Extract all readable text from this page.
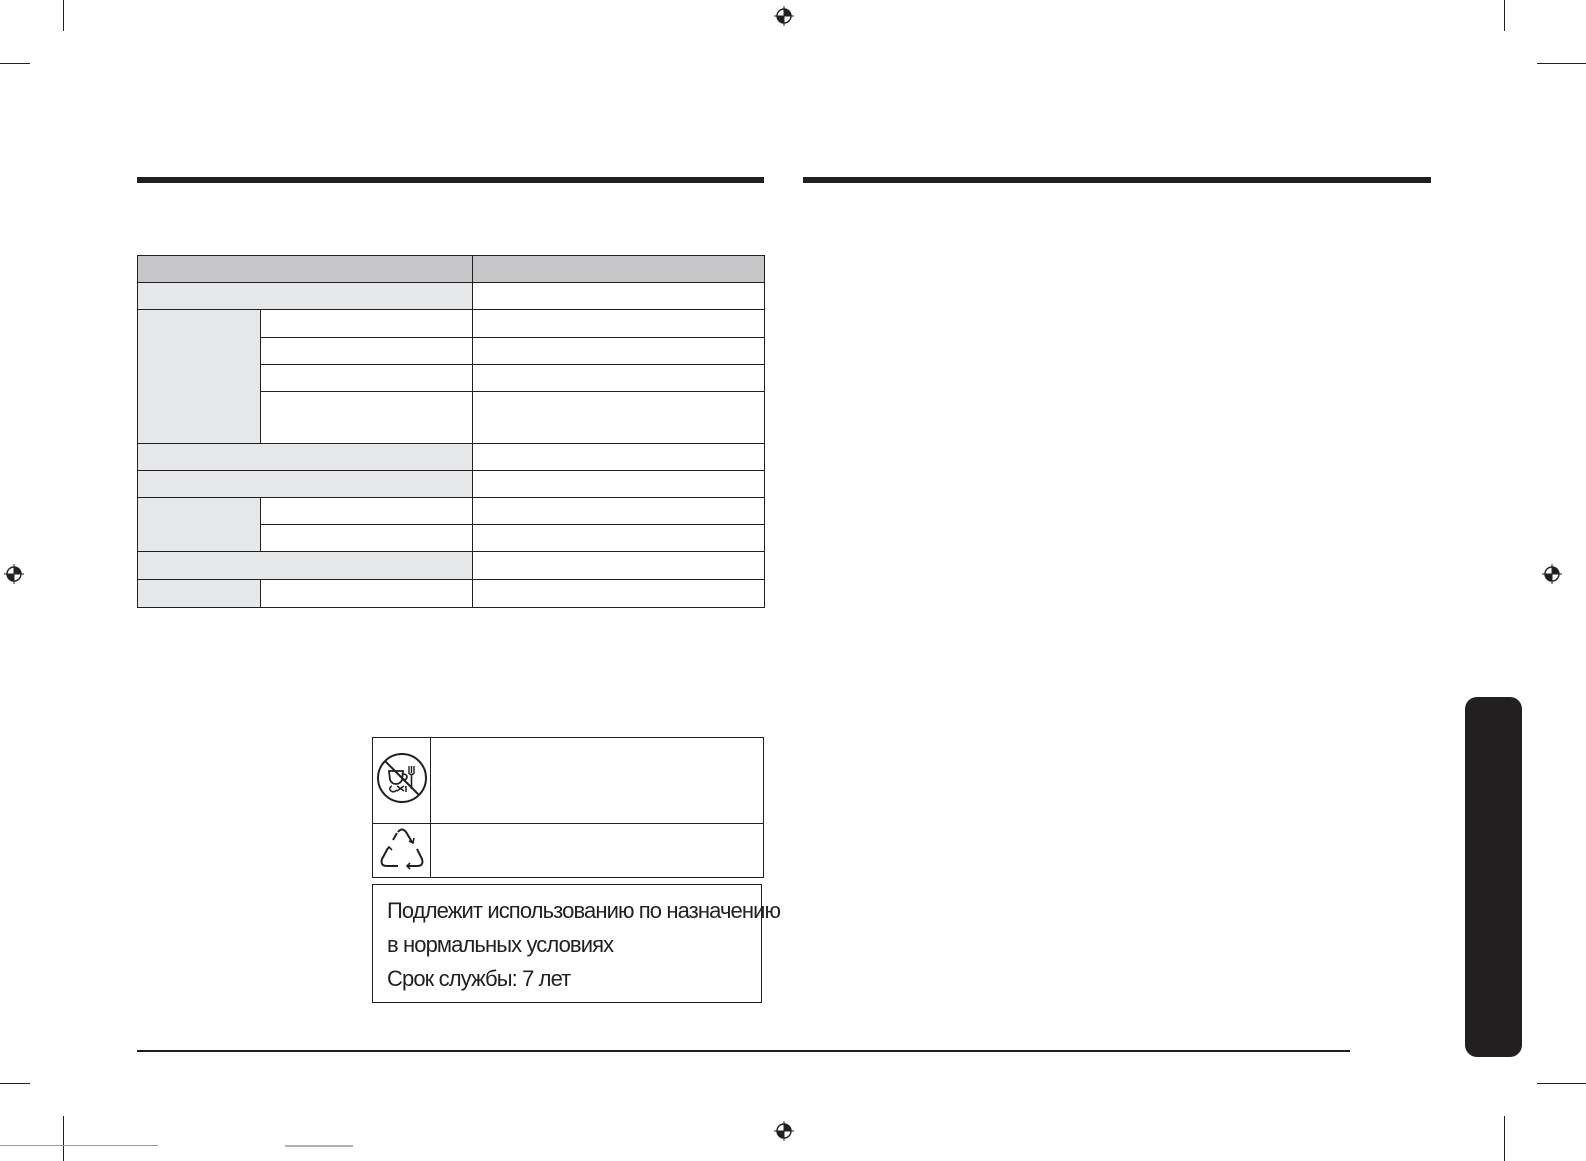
Подлежит использованию по назначению

в нормальных условиях

Срок службы: 7 лет
